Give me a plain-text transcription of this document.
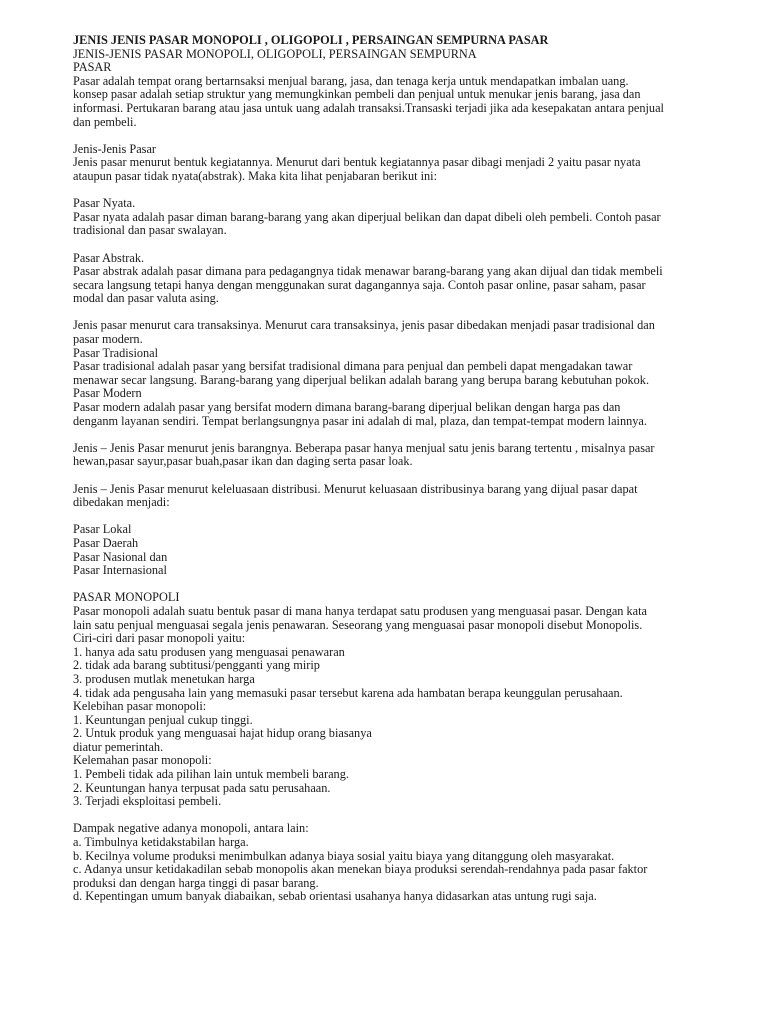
JENIS JENIS PASAR MONOPOLI , OLIGOPOLI , PERSAINGAN SEMPURNA PASAR
JENIS-JENIS PASAR MONOPOLI, OLIGOPOLI, PERSAINGAN SEMPURNA
PASAR
Pasar adalah tempat orang bertarnsaksi menjual barang, jasa, dan tenaga kerja untuk mendapatkan imbalan uang.
konsep pasar adalah setiap struktur yang memungkinkan pembeli dan penjual untuk menukar jenis barang, jasa dan
informasi. Pertukaran barang atau jasa untuk uang adalah transaksi.Transaski terjadi jika ada kesepakatan antara penjual
dan pembeli.
Jenis-Jenis Pasar
Jenis pasar menurut bentuk kegiatannya. Menurut dari bentuk kegiatannya pasar dibagi menjadi 2 yaitu pasar nyata
ataupun pasar tidak nyata(abstrak). Maka kita lihat penjabaran berikut ini:
Pasar Nyata.
Pasar nyata adalah pasar diman barang-barang yang akan diperjual belikan dan dapat dibeli oleh pembeli. Contoh pasar
tradisional dan pasar swalayan.
Pasar Abstrak.
Pasar abstrak adalah pasar dimana para pedagangnya tidak menawar barang-barang yang akan dijual dan tidak membeli
secara langsung tetapi hanya dengan menggunakan surat dagangannya saja. Contoh pasar online, pasar saham, pasar
modal dan pasar valuta asing.
Jenis pasar menurut cara transaksinya. Menurut cara transaksinya, jenis pasar dibedakan menjadi pasar tradisional dan
pasar modern.
Pasar Tradisional
Pasar tradisional adalah pasar yang bersifat tradisional dimana para penjual dan pembeli dapat mengadakan tawar
menawar secar langsung. Barang-barang yang diperjual belikan adalah barang yang berupa barang kebutuhan pokok.
Pasar Modern
Pasar modern adalah pasar yang bersifat modern dimana barang-barang diperjual belikan dengan harga pas dan
denganm layanan sendiri. Tempat berlangsungnya pasar ini adalah di mal, plaza, dan tempat-tempat modern lainnya.
Jenis – Jenis Pasar menurut jenis barangnya. Beberapa pasar hanya menjual satu jenis barang tertentu , misalnya pasar
hewan,pasar sayur,pasar buah,pasar ikan dan daging serta pasar loak.
Jenis – Jenis Pasar menurut keleluasaan distribusi. Menurut keluasaan distribusinya barang yang dijual pasar dapat
dibedakan menjadi:
Pasar Lokal
Pasar Daerah
Pasar Nasional dan
Pasar Internasional
PASAR MONOPOLI
Pasar monopoli adalah suatu bentuk pasar di mana hanya terdapat satu produsen yang menguasai pasar. Dengan kata
lain satu penjual menguasai segala jenis penawaran. Seseorang yang menguasai pasar monopoli disebut Monopolis.
Ciri-ciri dari pasar monopoli yaitu:
1. hanya ada satu produsen yang menguasai penawaran
2. tidak ada barang subtitusi/pengganti yang mirip
3. produsen mutlak menetukan harga
4. tidak ada pengusaha lain yang memasuki pasar tersebut karena ada hambatan berapa keunggulan perusahaan.
Kelebihan pasar monopoli:
1. Keuntungan penjual cukup tinggi.
2. Untuk produk yang menguasai hajat hidup orang biasanya
diatur pemerintah.
Kelemahan pasar monopoli:
1. Pembeli tidak ada pilihan lain untuk membeli barang.
2. Keuntungan hanya terpusat pada satu perusahaan.
3. Terjadi eksploitasi pembeli.
Dampak negative adanya monopoli, antara lain:
a. Timbulnya ketidakstabilan harga.
b. Kecilnya volume produksi menimbulkan adanya biaya sosial yaitu biaya yang ditanggung oleh masyarakat.
c. Adanya unsur ketidakadilan sebab monopolis akan menekan biaya produksi serendah-rendahnya pada pasar faktor
produksi dan dengan harga tinggi di pasar barang.
d. Kepentingan umum banyak diabaikan, sebab orientasi usahanya hanya didasarkan atas untung rugi saja.
